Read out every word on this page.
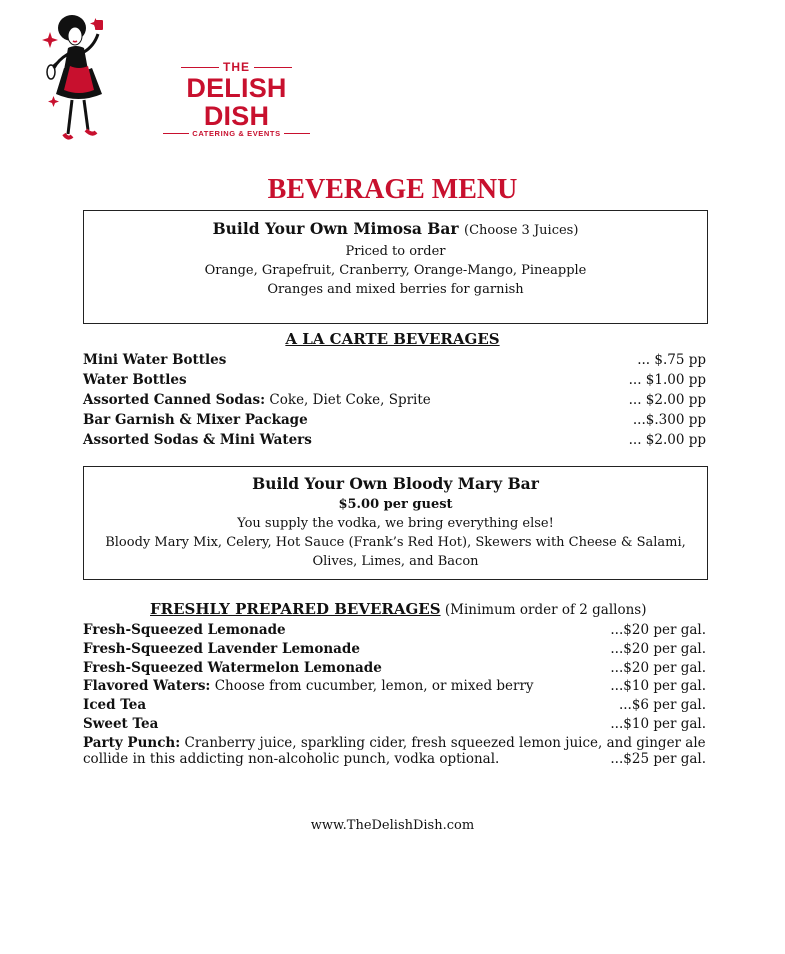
THE
DELISH DISH
CATERING & EVENTS
BEVERAGE MENU
Build Your Own Mimosa Bar (Choose 3 Juices)
Priced to order
Orange, Grapefruit, Cranberry, Orange-Mango, Pineapple
Oranges and mixed berries for garnish
A LA CARTE BEVERAGES
Mini Water Bottles	... $.75 pp
Water Bottles	... $1.00 pp
Assorted Canned Sodas: Coke, Diet Coke, Sprite	... $2.00 pp
Bar Garnish & Mixer Package	...$.300 pp
Assorted Sodas & Mini Waters	... $2.00 pp
Build Your Own Bloody Mary Bar
$5.00 per guest
You supply the vodka, we bring everything else!
Bloody Mary Mix, Celery, Hot Sauce (Frank’s Red Hot), Skewers with Cheese & Salami,
Olives, Limes, and Bacon
FRESHLY PREPARED BEVERAGES (Minimum order of 2 gallons)
Fresh-Squeezed Lemonade	...$20 per gal.
Fresh-Squeezed Lavender Lemonade	...$20 per gal.
Fresh-Squeezed Watermelon Lemonade	...$20 per gal.
Flavored Waters: Choose from cucumber, lemon, or mixed berry	...$10 per gal.
Iced Tea	...$6 per gal.
Sweet Tea	...$10 per gal.
Party Punch: Cranberry juice, sparkling cider, fresh squeezed lemon juice, and ginger ale
collide in this addicting non-alcoholic punch, vodka optional.	...$25 per gal.
www.TheDelishDish.com
